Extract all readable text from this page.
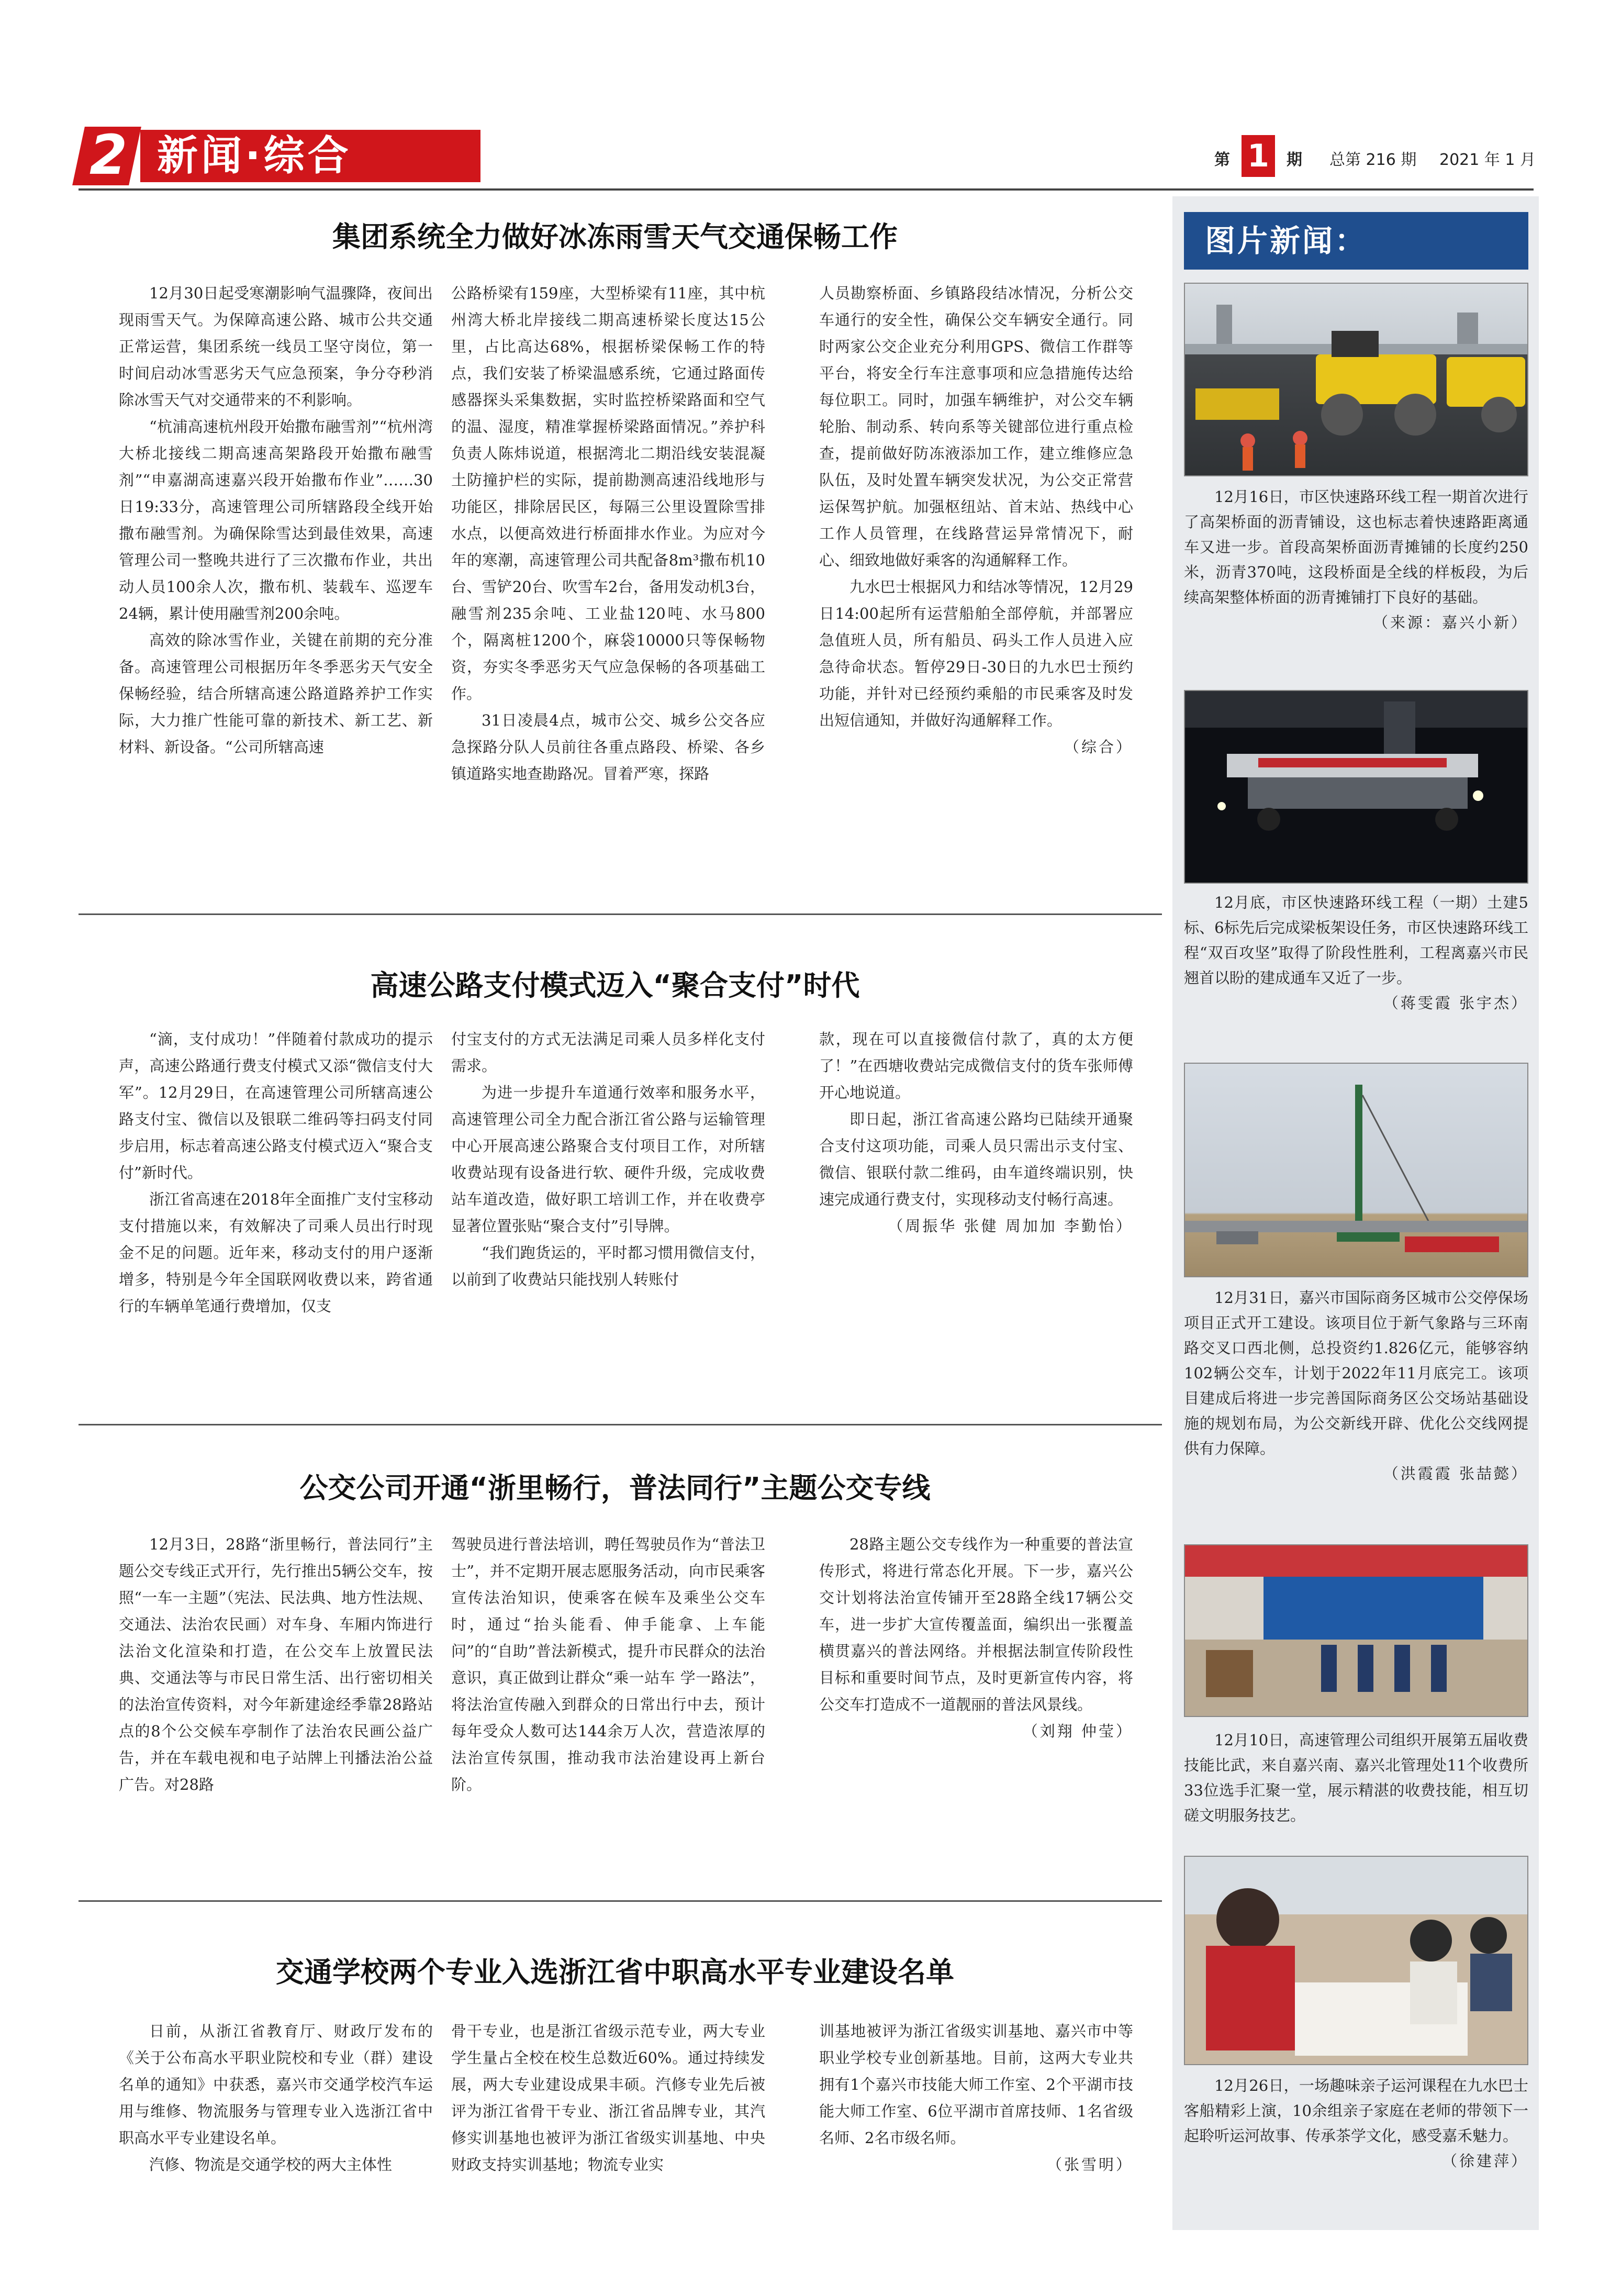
2 新闻·综合	第 1	期 总第 216 期 2021 年 1 月
图片新闻：

12月16日，市区快速路环线工程一期首次进行了高架桥面的沥青铺设，这也标志着快速路距离通车又进一步。首段高架桥面沥青摊铺的长度约250米，沥青370吨，这段桥面是全线的样板段，为后续高架整体桥面的沥青摊铺打下良好的基础。

（来源：嘉兴小新）

12月底，市区快速路环线工程（一期）土建5标、6标先后完成梁板架设任务，市区快速路环线工程“双百攻坚”取得了阶段性胜利，工程离嘉兴市民翘首以盼的建成通车又近了一步。

（蒋雯霞 张宇杰）

12月31日，嘉兴市国际商务区城市公交停保场项目正式开工建设。该项目位于新气象路与三环南路交叉口西北侧，总投资约1.826亿元，能够容纳102辆公交车，计划于2022年11月底完工。该项目建成后将进一步完善国际商务区公交场站基础设施的规划布局，为公交新线开辟、优化公交线网提供有力保障。

（洪霞霞 张喆懿）

12月10日，高速管理公司组织开展第五届收费技能比武，来自嘉兴南、嘉兴北管理处11个收费所33位选手汇聚一堂，展示精湛的收费技能，相互切磋文明服务技艺。

12月26日，一场趣味亲子运河课程在九水巴士客船精彩上演，10余组亲子家庭在老师的带领下一起聆听运河故事、传承茶学文化，感受嘉禾魅力。

（徐建萍）
集团系统全力做好冰冻雨雪天气交通保畅工作

12月30日起受寒潮影响气温骤降，夜间出现雨雪天气。为保障高速公路、城市公共交通正常运营，集团系统一线员工坚守岗位，第一时间启动冰雪恶劣天气应急预案，争分夺秒消除冰雪天气对交通带来的不利影响。

“杭浦高速杭州段开始撒布融雪剂”“杭州湾大桥北接线二期高速高架路段开始撒布融雪剂”“申嘉湖高速嘉兴段开始撒布作业”……30日19:33分，高速管理公司所辖路段全线开始撒布融雪剂。为确保除雪达到最佳效果，高速管理公司一整晚共进行了三次撒布作业，共出动人员100余人次，撒布机、装载车、巡逻车24辆，累计使用融雪剂200余吨。

高效的除冰雪作业，关键在前期的充分准备。高速管理公司根据历年冬季恶劣天气安全保畅经验，结合所辖高速公路道路养护工作实际，大力推广性能可靠的新技术、新工艺、新材料、新设备。“公司所辖高速

公路桥梁有159座，大型桥梁有11座，其中杭州湾大桥北岸接线二期高速桥梁长度达15公里，占比高达68%，根据桥梁保畅工作的特点，我们安装了桥梁温感系统，它通过路面传感器探头采集数据，实时监控桥梁路面和空气的温、湿度，精准掌握桥梁路面情况。”养护科负责人陈炜说道，根据湾北二期沿线安装混凝土防撞护栏的实际，提前勘测高速沿线地形与功能区，排除居民区，每隔三公里设置除雪排水点，以便高效进行桥面排水作业。为应对今年的寒潮，高速管理公司共配备8m³撒布机10台、雪铲20台、吹雪车2台，备用发动机3台，融雪剂235余吨、工业盐120吨、水马800个，隔离桩1200个，麻袋10000只等保畅物资，夯实冬季恶劣天气应急保畅的各项基础工作。

31日凌晨4点，城市公交、城乡公交各应急探路分队人员前往各重点路段、桥梁、各乡镇道路实地查勘路况。冒着严寒，探路

人员勘察桥面、乡镇路段结冰情况，分析公交车通行的安全性，确保公交车辆安全通行。同时两家公交企业充分利用GPS、微信工作群等平台，将安全行车注意事项和应急措施传达给每位职工。同时，加强车辆维护，对公交车辆轮胎、制动系、转向系等关键部位进行重点检查，提前做好防冻液添加工作，建立维修应急队伍，及时处置车辆突发状况，为公交正常营运保驾护航。加强枢纽站、首末站、热线中心工作人员管理，在线路营运异常情况下，耐心、细致地做好乘客的沟通解释工作。

九水巴士根据风力和结冰等情况，12月29日14:00起所有运营船舶全部停航，并部署应急值班人员，所有船员、码头工作人员进入应急待命状态。暂停29日-30日的九水巴士预约功能，并针对已经预约乘船的市民乘客及时发出短信通知，并做好沟通解释工作。

（综合）
高速公路支付模式迈入“聚合支付”时代

“滴，支付成功！”伴随着付款成功的提示声，高速公路通行费支付模式又添“微信支付大军”。12月29日，在高速管理公司所辖高速公路支付宝、微信以及银联二维码等扫码支付同步启用，标志着高速公路支付模式迈入“聚合支付”新时代。

浙江省高速在2018年全面推广支付宝移动支付措施以来，有效解决了司乘人员出行时现金不足的问题。近年来，移动支付的用户逐渐增多，特别是今年全国联网收费以来，跨省通行的车辆单笔通行费增加，仅支

付宝支付的方式无法满足司乘人员多样化支付需求。

为进一步提升车道通行效率和服务水平，高速管理公司全力配合浙江省公路与运输管理中心开展高速公路聚合支付项目工作，对所辖收费站现有设备进行软、硬件升级，完成收费站车道改造，做好职工培训工作，并在收费亭显著位置张贴“聚合支付”引导牌。

“我们跑货运的，平时都习惯用微信支付，以前到了收费站只能找别人转账付

款，现在可以直接微信付款了，真的太方便了！”在西塘收费站完成微信支付的货车张师傅开心地说道。

即日起，浙江省高速公路均已陆续开通聚合支付这项功能，司乘人员只需出示支付宝、微信、银联付款二维码，由车道终端识别，快速完成通行费支付，实现移动支付畅行高速。

（周振华 张健 周加加 李勤怡）
公交公司开通“浙里畅行，普法同行”主题公交专线

12月3日，28路“浙里畅行，普法同行”主题公交专线正式开行，先行推出5辆公交车，按照“一车一主题”（宪法、民法典、地方性法规、交通法、法治农民画）对车身、车厢内饰进行法治文化渲染和打造，在公交车上放置民法典、交通法等与市民日常生活、出行密切相关的法治宣传资料，对今年新建途经季靠28路站点的8个公交候车亭制作了法治农民画公益广告，并在车载电视和电子站牌上刊播法治公益广告。对28路

驾驶员进行普法培训，聘任驾驶员作为“普法卫士”，并不定期开展志愿服务活动，向市民乘客宣传法治知识，使乘客在候车及乘坐公交车时，通过“抬头能看、伸手能拿、上车能问”的“自助”普法新模式，提升市民群众的法治意识，真正做到让群众“乘一站车 学一路法”，将法治宣传融入到群众的日常出行中去，预计每年受众人数可达144余万人次，营造浓厚的法治宣传氛围，推动我市法治建设再上新台阶。

28路主题公交专线作为一种重要的普法宣传形式，将进行常态化开展。下一步，嘉兴公交计划将法治宣传铺开至28路全线17辆公交车，进一步扩大宣传覆盖面，编织出一张覆盖横贯嘉兴的普法网络。并根据法制宣传阶段性目标和重要时间节点，及时更新宣传内容，将公交车打造成不一道靓丽的普法风景线。

（刘翔 仲莹）
交通学校两个专业入选浙江省中职高水平专业建设名单

日前，从浙江省教育厅、财政厅发布的《关于公布高水平职业院校和专业（群）建设名单的通知》中获悉，嘉兴市交通学校汽车运用与维修、物流服务与管理专业入选浙江省中职高水平专业建设名单。

汽修、物流是交通学校的两大主体性

骨干专业，也是浙江省级示范专业，两大专业学生量占全校在校生总数近60%。通过持续发展，两大专业建设成果丰硕。汽修专业先后被评为浙江省骨干专业、浙江省品牌专业，其汽修实训基地也被评为浙江省级实训基地、中央财政支持实训基地；物流专业实

训基地被评为浙江省级实训基地、嘉兴市中等职业学校专业创新基地。目前，这两大专业共拥有1个嘉兴市技能大师工作室、2个平湖市技能大师工作室、6位平湖市首席技师、1名省级名师、2名市级名师。

（张雪明）
